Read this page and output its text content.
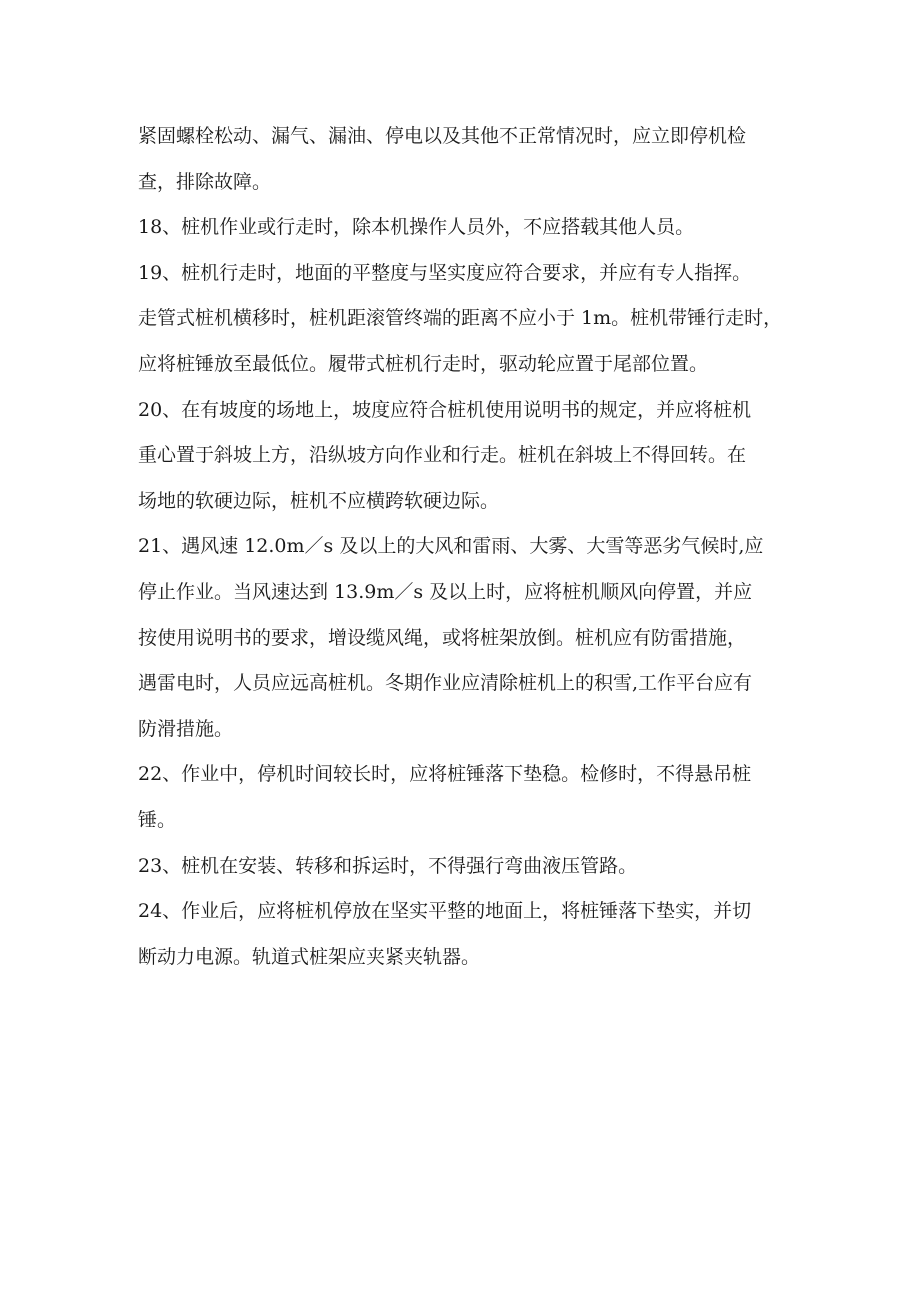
紧固螺栓松动、漏气、漏油、停电以及其他不正常情况时，应立即停机检
查，排除故障。
18、桩机作业或行走时，除本机操作人员外，不应搭载其他人员。
19、桩机行走时，地面的平整度与坚实度应符合要求，并应有专人指挥。
走管式桩机横移时，桩机距滚管终端的距离不应小于 1m。桩机带锤行走时，
应将桩锤放至最低位。履带式桩机行走时，驱动轮应置于尾部位置。
20、在有坡度的场地上，坡度应符合桩机使用说明书的规定，并应将桩机
重心置于斜坡上方，沿纵坡方向作业和行走。桩机在斜坡上不得回转。在
场地的软硬边际，桩机不应横跨软硬边际。
21、遇风速 12.0m／s 及以上的大风和雷雨、大雾、大雪等恶劣气候时,应
停止作业。当风速达到 13.9m／s 及以上时，应将桩机顺风向停置，并应
按使用说明书的要求，增设缆风绳，或将桩架放倒。桩机应有防雷措施，
遇雷电时，人员应远高桩机。冬期作业应清除桩机上的积雪,工作平台应有
防滑措施。
22、作业中，停机时间较长时，应将桩锤落下垫稳。检修时，不得悬吊桩
锤。
23、桩机在安装、转移和拆运时，不得强行弯曲液压管路。
24、作业后，应将桩机停放在坚实平整的地面上，将桩锤落下垫实，并切
断动力电源。轨道式桩架应夹紧夹轨器。
